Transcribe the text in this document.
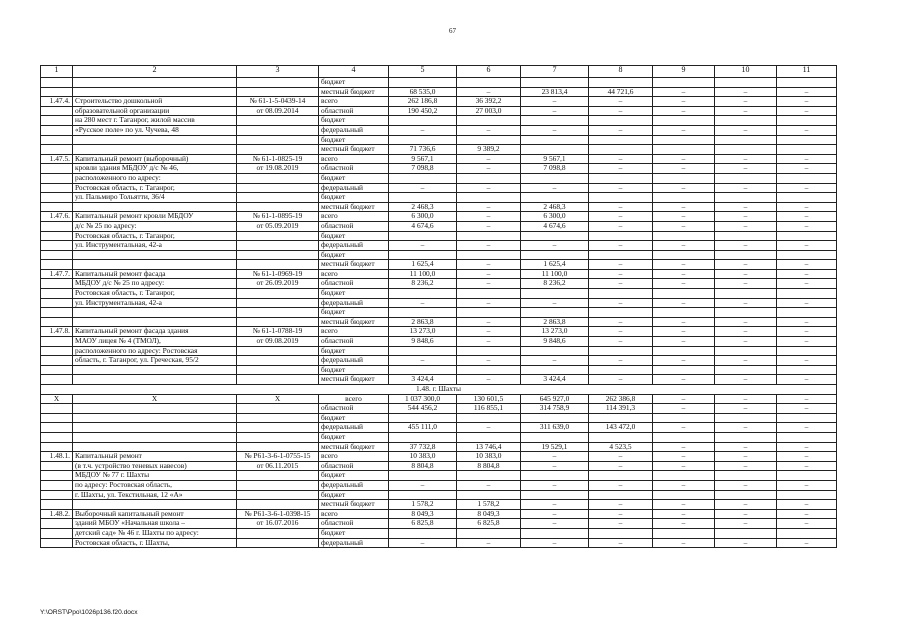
67
1	2	3	4	5	6	7	8	9	10	11
			бюджет							
			местный бюджет	68 535,0	–	23 813,4	44 721,6	–	–	–
1.47.4.	Строительство дошкольной	№ 61-1-5-0439-14	всего	262 186,8	36 392,2	–	–	–	–	–
	образовательной организации	от 08.09.2014	областной	190 450,2	27 003,0	–	–	–	–	–
	на 280 мест г. Таганрог, жилой массив		бюджет							
	«Русское поле» по ул. Чучева, 48		федеральный	–	–	–	–	–	–	–
			бюджет							
			местный бюджет	71 736,6	9 389,2					
1.47.5.	Капитальный ремонт (выборочный)	№ 61-1-0825-19	всего	9 567,1	–	9 567,1	–	–	–	–
	кровли здания МБДОУ д/с № 46,	от 19.08.2019	областной	7 098,8	–	7 098,8	–	–	–	–
	расположенного по адресу:		бюджет							
	Ростовская область, г. Таганрог,		федеральный	–	–	–	–	–	–	–
	ул. Пальмиро Тольятти, 36/4		бюджет							
			местный бюджет	2 468,3	–	2 468,3	–	–	–	–
1.47.6.	Капитальный ремонт кровли МБДОУ	№ 61-1-0895-19	всего	6 300,0	–	6 300,0	–	–	–	–
	д/с № 25 по адресу:	от 05.09.2019	областной	4 674,6	–	4 674,6	–	–	–	–
	Ростовская область, г. Таганрог,		бюджет							
	ул. Инструментальная, 42-а		федеральный	–	–	–	–	–	–	–
			бюджет							
			местный бюджет	1 625,4	–	1 625,4	–	–	–	–
1.47.7.	Капитальный ремонт фасада	№ 61-1-0969-19	всего	11 100,0	–	11 100,0	–	–	–	–
	МБДОУ д/с № 25 по адресу:	от 26.09.2019	областной	8 236,2	–	8 236,2	–	–	–	–
	Ростовская область, г. Таганрог,		бюджет							
	ул. Инструментальная, 42-а		федеральный	–	–	–	–	–	–	–
			бюджет							
			местный бюджет	2 863,8	–	2 863,8	–	–	–	–
1.47.8.	Капитальный ремонт фасада здания	№ 61-1-0788-19	всего	13 273,0	–	13 273,0	–	–	–	–
	МАОУ лицея № 4 (ТМОЛ),	от 09.08.2019	областной	9 848,6	–	9 848,6	–	–	–	–
	расположенного по адресу: Ростовская		бюджет							
	область, г. Таганрог, ул. Греческая, 95/2		федеральный	–	–	–	–	–	–	–
			бюджет							
			местный бюджет	3 424,4	–	3 424,4	–	–	–	–
1.48. г. Шахты										
X	X	X	всего	1 037 300,0	130 601,5	645 927,0	262 386,8	–	–	–
			областной	544 456,2	116 855,1	314 758,9	114 391,3	–	–	–
			бюджет							
			федеральный	455 111,0	–	311 639,0	143 472,0	–	–	–
			бюджет							
			местный бюджет	37 732,8	13 746,4	19 529,1	4 523,5	–	–	–
1.48.1.	Капитальный ремонт	№ Р61-3-6-1-0755-15	всего	10 383,0	10 383,0	–	–	–	–	–
	(в т.ч. устройство теневых навесов)	от 06.11.2015	областной	8 804,8	8 804,8	–	–	–	–	–
	МБДОУ № 77 г. Шахты		бюджет							
	по адресу: Ростовская область,		федеральный	–	–	–	–	–	–	–
	г. Шахты, ул. Текстильная, 12 «А»		бюджет							
			местный бюджет	1 578,2	1 578,2	–	–	–	–	–
1.48.2.	Выборочный капитальный ремонт	№ Р61-3-6-1-0398-15	всего	8 049,3	8 049,3	–	–	–	–	–
	зданий МБОУ «Начальная школа –	от 16.07.2016	областной	6 825,8	6 825,8	–	–	–	–	–
	детский сад» № 46 г. Шахты по адресу:		бюджет							
	Ростовская область, г. Шахты,		федеральный	–	–	–	–	–	–	–
Y:\ORST\Ppo\1026p136.f20.docx
